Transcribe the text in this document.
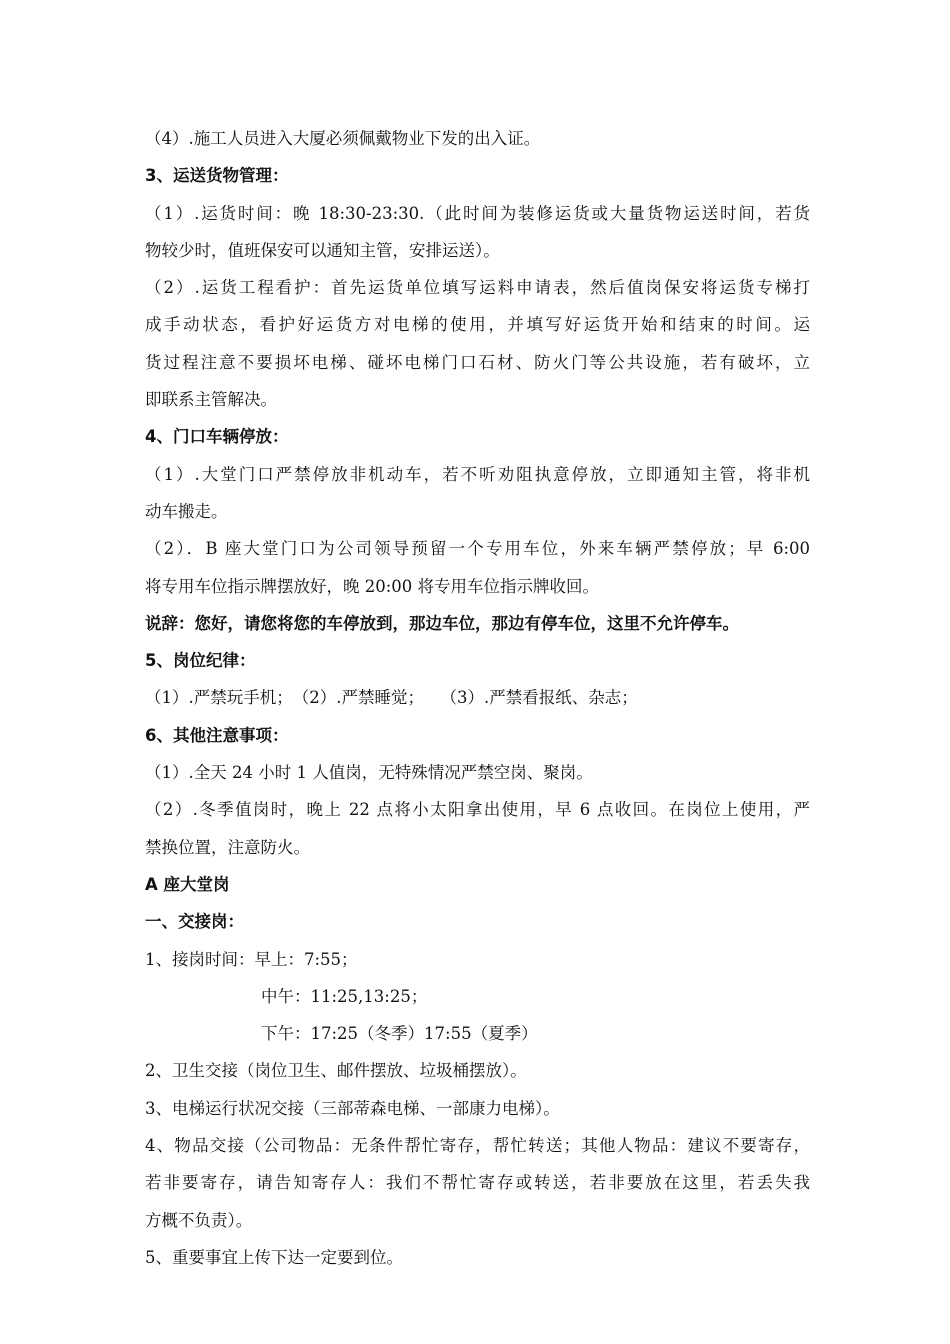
（4）.施工人员进入大厦必须佩戴物业下发的出入证。
3、运送货物管理：
（1）.运货时间：晚 18:30-23:30.（此时间为装修运货或大量货物运送时间，若货
物较少时，值班保安可以通知主管，安排运送）。
（2）.运货工程看护：首先运货单位填写运料申请表，然后值岗保安将运货专梯打
成手动状态，看护好运货方对电梯的使用，并填写好运货开始和结束的时间。运
货过程注意不要损坏电梯、碰坏电梯门口石材、防火门等公共设施，若有破坏，立
即联系主管解决。
4、门口车辆停放：
（1）.大堂门口严禁停放非机动车，若不听劝阻执意停放，立即通知主管，将非机
动车搬走。
（2）．B 座大堂门口为公司领导预留一个专用车位，外来车辆严禁停放；早 6:00
将专用车位指示牌摆放好，晚 20:00 将专用车位指示牌收回。
说辞：您好，请您将您的车停放到，那边车位，那边有停车位，这里不允许停车。
5、岗位纪律：
（1）.严禁玩手机；　（2）.严禁睡觉；　　（3）.严禁看报纸、杂志；
6、其他注意事项：
（1）.全天 24 小时 1 人值岗，无特殊情况严禁空岗、聚岗。
（2）.冬季值岗时，晚上 22 点将小太阳拿出使用，早 6 点收回。在岗位上使用，严
禁换位置，注意防火。
A 座大堂岗
一、交接岗：
1、接岗时间：早上：7:55；
中午：11:25,13:25；
下午：17:25（冬季）17:55（夏季）
2、卫生交接（岗位卫生、邮件摆放、垃圾桶摆放）。
3、电梯运行状况交接（三部蒂森电梯、一部康力电梯）。
4、物品交接（公司物品：无条件帮忙寄存，帮忙转送；其他人物品：建议不要寄存，
若非要寄存，请告知寄存人：我们不帮忙寄存或转送，若非要放在这里，若丢失我
方概不负责）。
5、重要事宜上传下达一定要到位。
